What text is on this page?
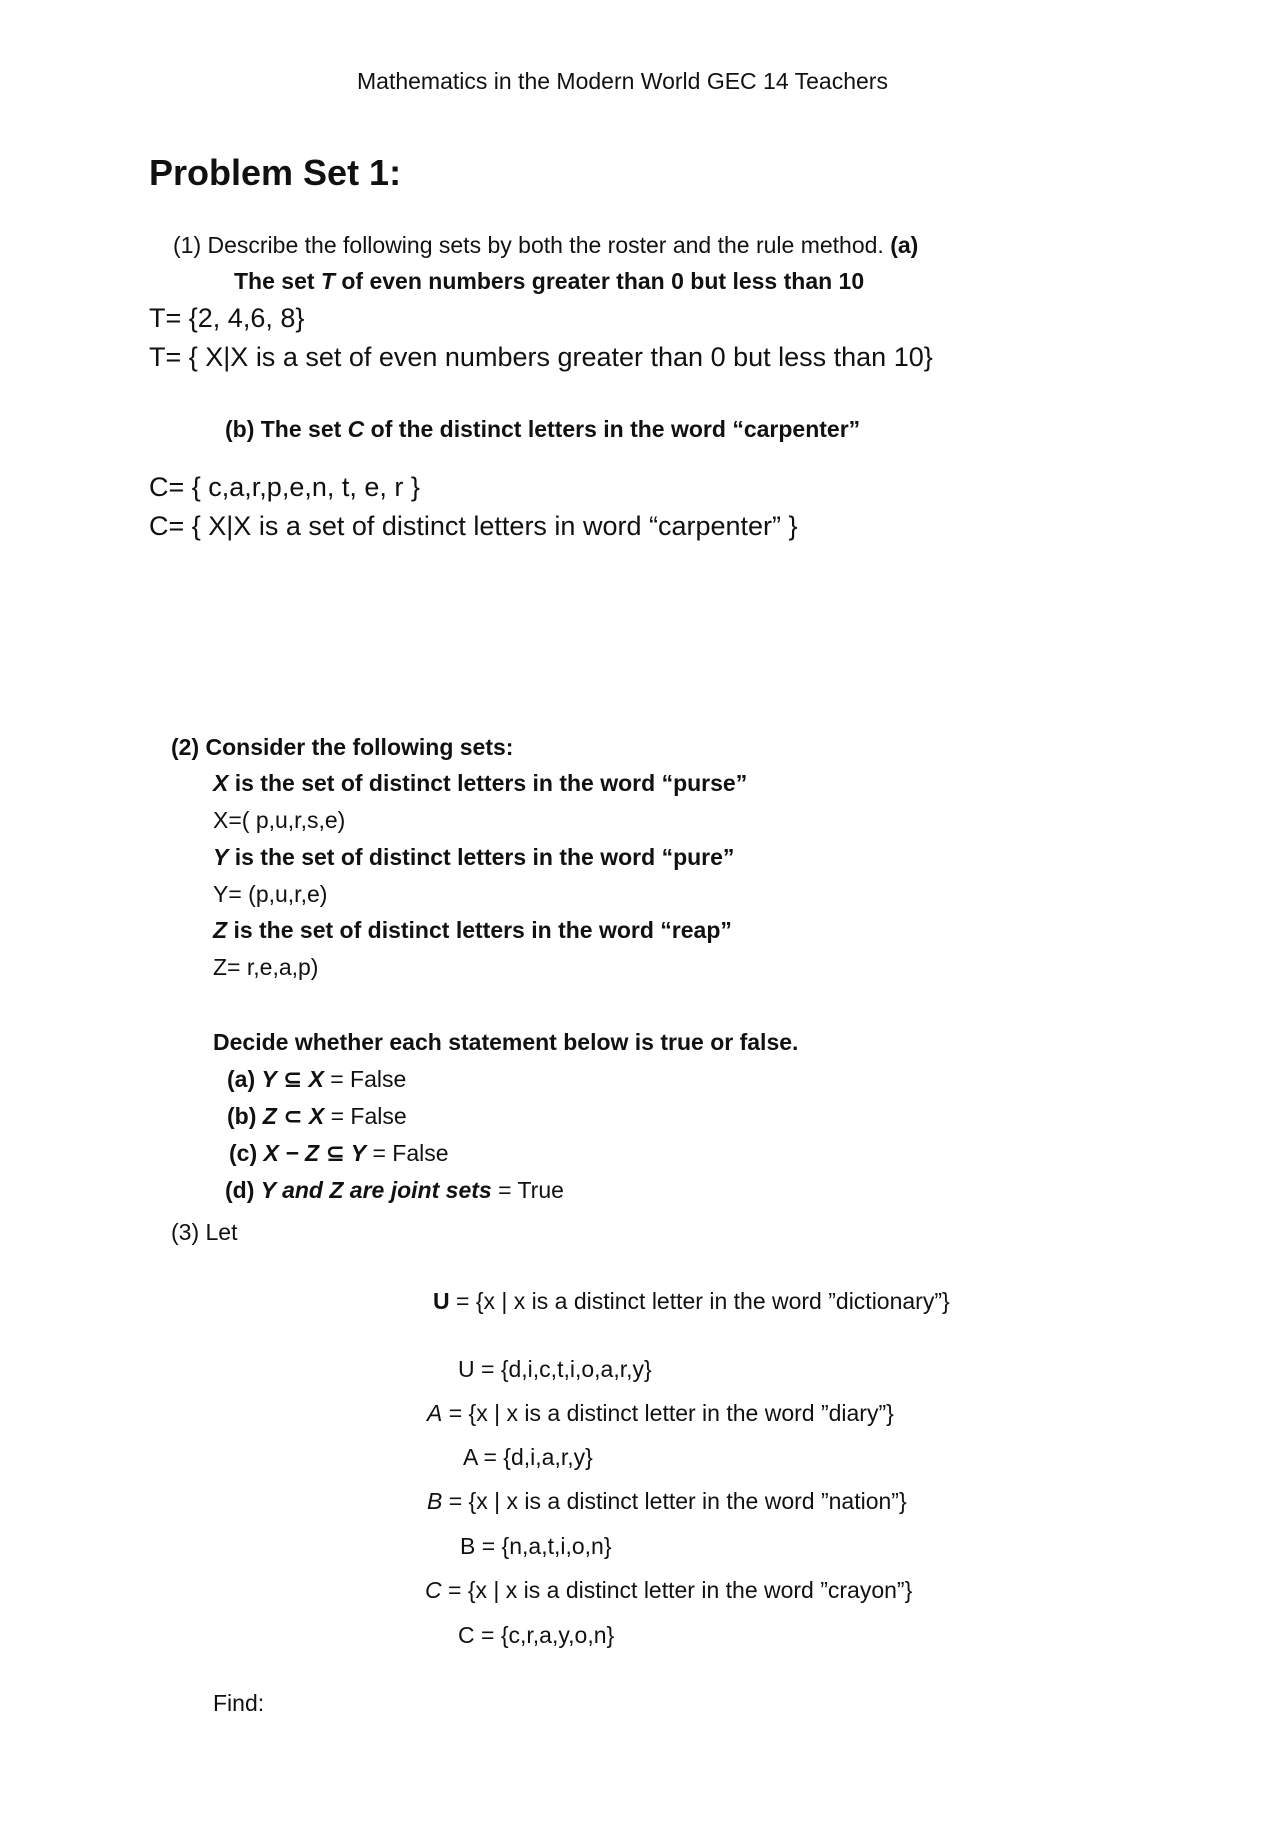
Mathematics in the Modern World GEC 14 Teachers
Problem Set 1:
(1) Describe the following sets by both the roster and the rule method. (a)
The set T of even numbers greater than 0 but less than 10
T= {2, 4,6, 8}
T= { X|X is a set of even numbers greater than 0 but less than 10}
(b) The set C of the distinct letters in the word “carpenter”
C= { c,a,r,p,e,n, t, e, r }
C= { X|X is a set of distinct letters in word “carpenter” }
(2) Consider the following sets:
X is the set of distinct letters in the word “purse”
X=( p,u,r,s,e)
Y is the set of distinct letters in the word “pure”
Y= (p,u,r,e)
Z is the set of distinct letters in the word “reap”
Z= r,e,a,p)
Decide whether each statement below is true or false.
(a) Y ⊆ X = False
(b) Z ⊂ X = False
(c) X − Z ⊆ Y = False
(d) Y and Z are joint sets = True
(3) Let
U = {x | x is a distinct letter in the word ”dictionary”}
U = {d,i,c,t,i,o,a,r,y}
A = {x | x is a distinct letter in the word ”diary”}
A = {d,i,a,r,y}
B = {x | x is a distinct letter in the word ”nation”}
B = {n,a,t,i,o,n}
C = {x | x is a distinct letter in the word ”crayon”}
C = {c,r,a,y,o,n}
Find:
